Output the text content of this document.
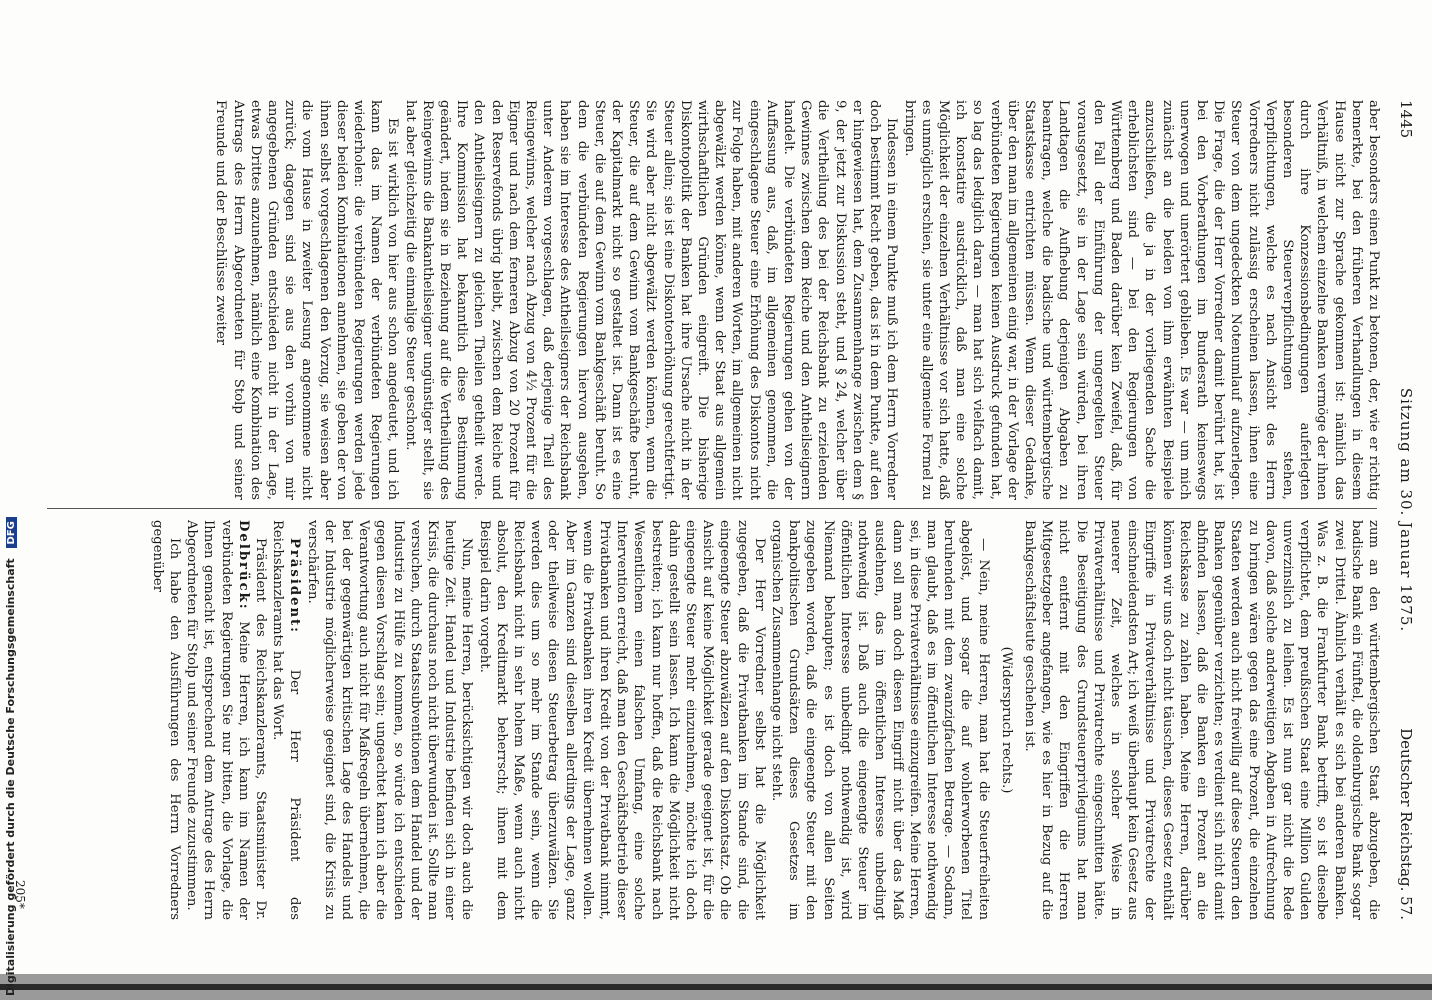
1445
Sitzung am 30. Januar 1875.
Deutscher Reichstag. 57.

aber besonders einen Punkt zu betonen, der, wie er richtig bemerkte, bei den früheren Verhandlungen in diesem Hause nicht zur Sprache gekommen ist: nämlich das Verhältniß, in welchem einzelne Banken vermöge der ihnen durch ihre Konzessionsbedingungen auferlegten besonderen Steuerverpflichtungen stehen, Verpflichtungen, welche es nach Ansicht des Herrn Vorredners nicht zulässig erscheinen lassen, ihnen eine Steuer von dem ungedeckten Notenumlauf aufzuerlegen. Die Frage, die der Herr Vorredner damit berührt hat, ist bei den Vorberathungen im Bundesrath keineswegs unerwogen und unerörtert geblieben. Es war — um mich zunächst an die beiden von ihm erwähnten Beispiele anzuschließen, die ja in der vorliegenden Sache die erheblichsten sind — bei den Regierungen von Württemberg und Baden darüber kein Zweifel, daß, für den Fall der Einführung der ungeregelten Steuer vorausgesetzt, sie in der Lage sein würden, bei ihren Landtagen die Aufhebung derjenigen Abgaben zu beantragen, welche die badische und württembergische Staatskasse entrichten müssen. Wenn dieser Gedanke, über den man im allgemeinen einig war, in der Vorlage der verbündeten Regierungen keinen Ausdruck gefunden hat, so lag das lediglich daran — man hat sich vielfach damit, ich konstatire ausdrücklich, daß man eine solche Möglichkeit der einzelnen Verhältnisse vor sich hatte, daß es unmöglich erschien, sie unter eine allgemeine Formel zu bringen.

Indessen in einem Punkte muß ich dem Herrn Vorredner doch bestimmt Recht geben, das ist in dem Punkte, auf den er hingewiesen hat, dem Zusammenhange zwischen dem § 9, der jetzt zur Diskussion steht, und § 24, welcher über die Vertheilung des bei der Reichsbank zu erzielenden Gewinnes zwischen dem Reiche und den Antheilseignern handelt. Die verbündeten Regierungen gehen von der Auffassung aus, daß, im allgemeinen genommen, die eingeschlagene Steuer eine Erhöhung des Diskontos nicht zur Folge haben, mit anderen Worten, im allgemeinen nicht abgewälzt werden könne, wenn der Staat aus allgemein wirthschaftlichen Gründen eingreift. Die bisherige Diskontopolitik der Banken hat ihre Ursache nicht in der Steuer allein; sie ist eine Diskontoerhöhung gerechtfertigt. Sie wird aber nicht abgewälzt werden können, wenn die Steuer, die auf dem Gewinn vom Bankgeschäfte beruht, der Kapitalmarkt nicht so gestaltet ist. Dann ist es eine Steuer, die auf dem Gewinn vom Bankgeschäft beruht. So dem die verbündeten Regierungen hiervon ausgehen, haben sie im Interesse des Antheilseigners der Reichsbank unter Anderem vorgeschlagen, daß derjenige Theil des Reingewinns, welcher nach Abzug von 4½ Prozent für die Eigner und nach dem ferneren Abzug von 20 Prozent für den Reservefonds übrig bleibt, zwischen dem Reiche und den Antheilseignern zu gleichen Theilen getheilt werde. Ihre Kommission hat bekanntlich diese Bestimmung geändert, indem sie in Beziehung auf die Vertheilung des Reingewinns die Bankantheilseigner ungünstiger stellt, sie hat aber gleichzeitig die einmalige Steuer geschont.

Es ist wirklich von hier aus schon angedeutet, und ich kann das im Namen der verbündeten Regierungen wiederholen: die verbündeten Regierungen werden jede dieser beiden Kombinationen annehmen, sie geben der von ihnen selbst vorgeschlagenen den Vorzug, sie weisen aber die vom Hause in zweiter Lesung angenommene nicht zurück; dagegen sind sie aus den vorhin von mir angegebenen Gründen entschieden nicht in der Lage, etwas Drittes anzunehmen, nämlich eine Kombination des Antrags des Herrn Abgeordneten für Stolp und seiner Freunde und der Beschlüsse zweiter

zum an den württembergischen Staat abzugeben, die badische Bank ein Fünftel, die oldenburgische Bank sogar zwei Drittel. Ähnlich verhält es sich bei anderen Banken. Was z. B. die Frankfurter Bank betrifft, so ist dieselbe verpflichtet, dem preußischen Staat eine Million Gulden unverzinslich zu leihen. Es ist nun gar nicht die Rede davon, daß solche anderweitigen Abgaben in Aufrechnung zu bringen wären gegen das eine Prozent, die einzelnen Staaten werden auch nicht freiwillig auf diese Steuern den Banken gegenüber verzichten; es verdient sich nicht damit abfinden lassen, daß die Banken ein Prozent an die Reichskasse zu zahlen haben. Meine Herren, darüber können wir uns doch nicht täuschen, dieses Gesetz enthält Eingriffe in Privatverhältnisse und Privatrechte der einschneidendsten Art; ich weiß überhaupt kein Gesetz aus neuerer Zeit, welches in solcher Weise in Privatverhältnisse und Privatrechte eingeschnitten hätte. Die Beseitigung des Grundsteuerprivilegiums hat man nicht entfernt mit den Eingriffen die Herren Mitgesetzgeber angefangen, wie es hier in Bezug auf die Bankgeschäftsleute geschehen ist.

(Widerspruch rechts.)

— Nein, meine Herren, man hat die Steuerfreiheiten abgelöst, und sogar die auf wohlerworbenen Titel beruhenden mit dem zwanzigfachen Betrage. — Sodann, man glaubt, daß es im öffentlichen Interesse nothwendig sei, in diese Privatverhältnisse einzugreifen. Meine Herren, dann soll man doch diesen Eingriff nicht über das Maß ausdehnen, das im öffentlichen Interesse unbedingt nothwendig ist. Daß auch die eingeengte Steuer im öffentlichen Interesse unbedingt nothwendig ist, wird Niemand behaupten; es ist doch von allen Seiten zugegeben worden, daß die eingeengte Steuer mit den bankpolitischen Grundsätzen dieses Gesetzes im organischen Zusammenhange nicht steht.

Der Herr Vorredner selbst hat die Möglichkeit zugegeben, daß die Privatbanken im Stande sind, die eingeengte Steuer abzuwälzen auf den Diskontsatz. Ob die Ansicht auf keine Möglichkeit gerade geeignet ist, für die eingeengte Steuer mehr einzunehmen, möchte ich doch dahin gestellt sein lassen. Ich kann die Möglichkeit nicht bestreiten; ich kann nur hoffen, daß die Reichsbank nach Wesentlichem einen falschen Umfang, eine solche Intervention erreicht, daß man den Geschäftsbetrieb dieser Privatbanken und ihren Kredit von der Privatbank nimmt, wenn die Privatbanken ihren Kredit übernehmen wollen. Aber im Ganzen sind dieselben allerdings der Lage, ganz oder theilweise diesen Steuerbetrag überzuwälzen. Sie werden dies um so mehr im Stande sein, wenn die Reichsbank nicht in sehr hohem Maße, wenn auch nicht absolut, den Kreditmarkt beherrscht; ihnen mit dem Beispiel darin vorgeht.

Nun, meine Herren, berücksichtigen wir doch auch die heutige Zeit. Handel und Industrie befinden sich in einer Krisis, die durchaus noch nicht überwunden ist. Sollte man versuchen, durch Staatssubventionen dem Handel und der Industrie zu Hülfe zu kommen, so würde ich entschieden gegen diesen Vorschlag sein; ungeachtet kann ich aber die Verantwortung auch nicht für Maßregeln übernehmen, die bei der gegenwärtigen kritischen Lage des Handels und der Industrie möglicherweise geeignet sind, die Krisis zu verschärfen.

Präsident: Der Herr Präsident des Reichskanzleramts hat das Wort.

Präsident des Reichskanzleramts, Staatsminister Dr. Delbrück: Meine Herren, ich kann im Namen der verbündeten Regierungen Sie nur bitten, die Vorlage, die Ihnen gemacht ist, entsprechend dem Antrage des Herrn Abgeordneten für Stolp und seiner Freunde zuzustimmen.

Ich habe den Ausführungen des Herrn Vorredners gegenüber

205*
Digitalisierung gefördert durch die Deutsche Forschungsgemeinschaft DFG
